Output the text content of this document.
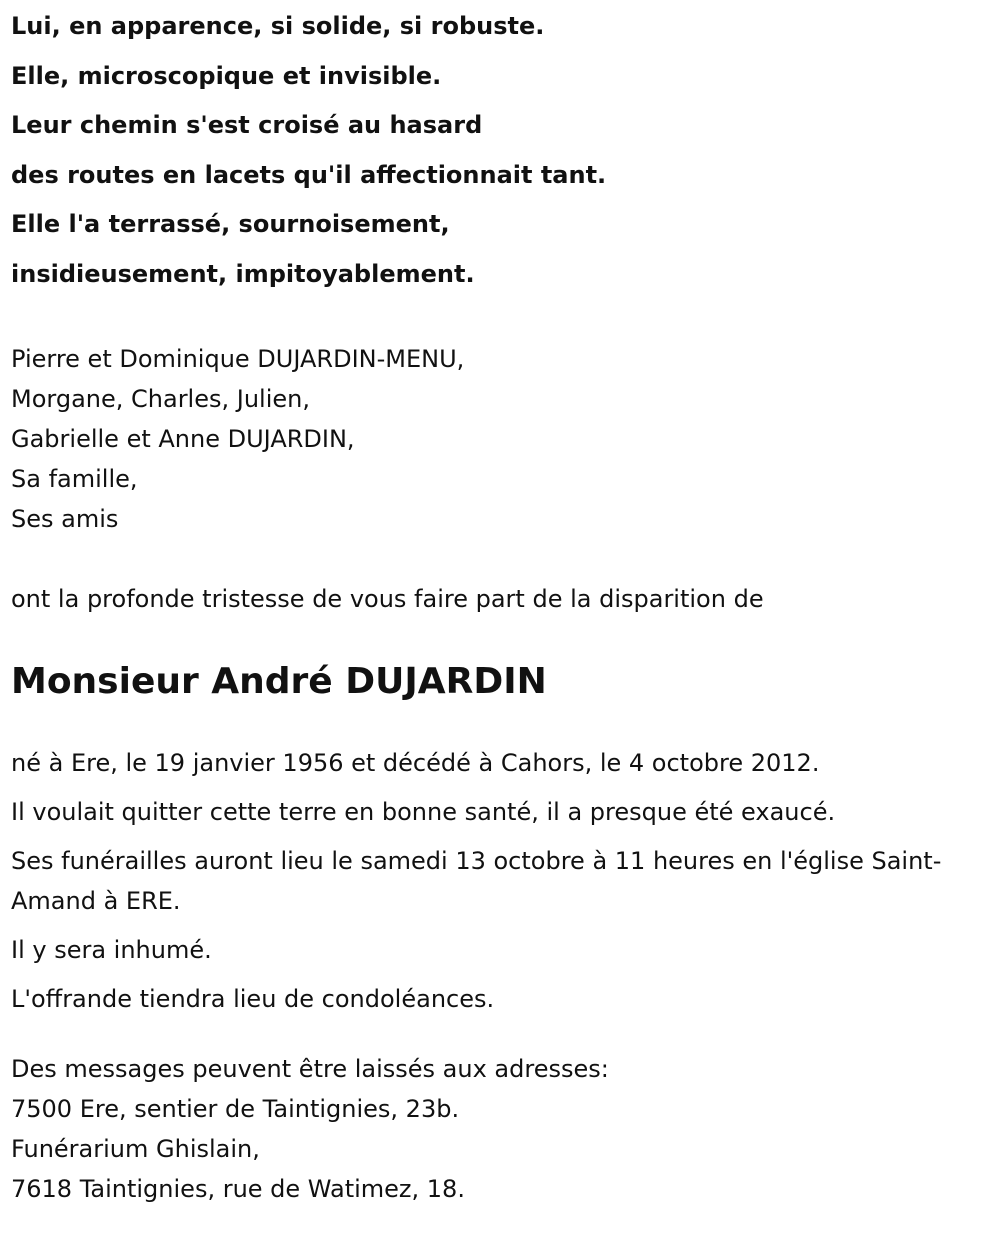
Lui, en apparence, si solide, si robuste.
Elle, microscopique et invisible.
Leur chemin s'est croisé au hasard
des routes en lacets qu'il affectionnait tant.
Elle l'a terrassé, sournoisement,
insidieusement, impitoyablement.
Pierre et Dominique DUJARDIN-MENU,
Morgane, Charles, Julien,
Gabrielle et Anne DUJARDIN,
Sa famille,
Ses amis
ont la profonde tristesse de vous faire part de la disparition de
Monsieur André DUJARDIN

né à Ere, le 19 janvier 1956 et décédé à Cahors, le 4 octobre 2012.

Il voulait quitter cette terre en bonne santé, il a presque été exaucé.

Ses funérailles auront lieu le samedi 13 octobre à 11 heures en l'église Saint-Amand à ERE.

Il y sera inhumé.

L'offrande tiendra lieu de condoléances.

Des messages peuvent être laissés aux adresses:
7500 Ere, sentier de Taintignies, 23b.
Funérarium Ghislain,
7618 Taintignies, rue de Watimez, 18.
